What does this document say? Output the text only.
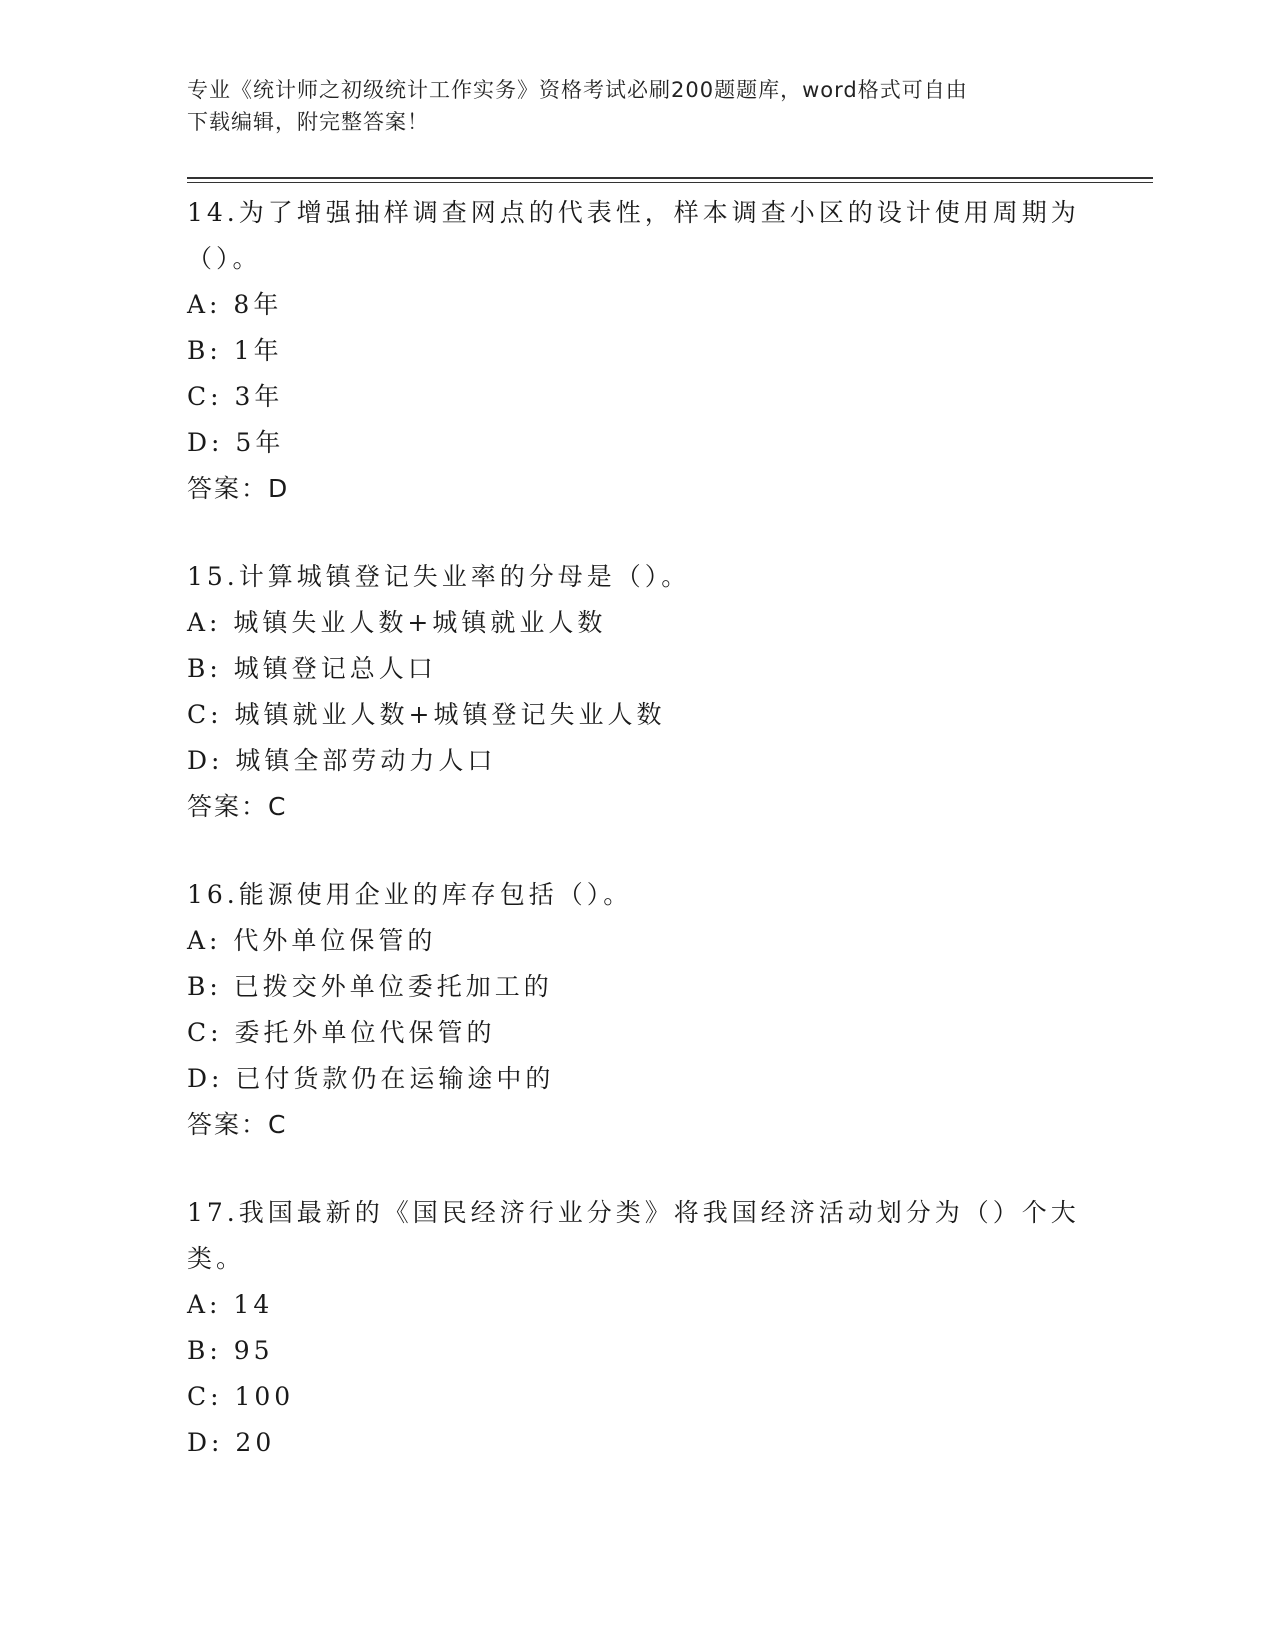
专业《统计师之初级统计工作实务》资格考试必刷200题题库，word格式可自由
下载编辑，附完整答案！
14.为了增强抽样调查网点的代表性，样本调查小区的设计使用周期为（）。
A: 8年
B: 1年
C: 3年
D: 5年
答案：D
15.计算城镇登记失业率的分母是（）。
A: 城镇失业人数+城镇就业人数
B: 城镇登记总人口
C: 城镇就业人数+城镇登记失业人数
D: 城镇全部劳动力人口
答案：C
16.能源使用企业的库存包括（）。
A: 代外单位保管的
B: 已拨交外单位委托加工的
C: 委托外单位代保管的
D: 已付货款仍在运输途中的
答案：C
17.我国最新的《国民经济行业分类》将我国经济活动划分为（）个大类。
A: 14
B: 95
C: 100
D: 20
